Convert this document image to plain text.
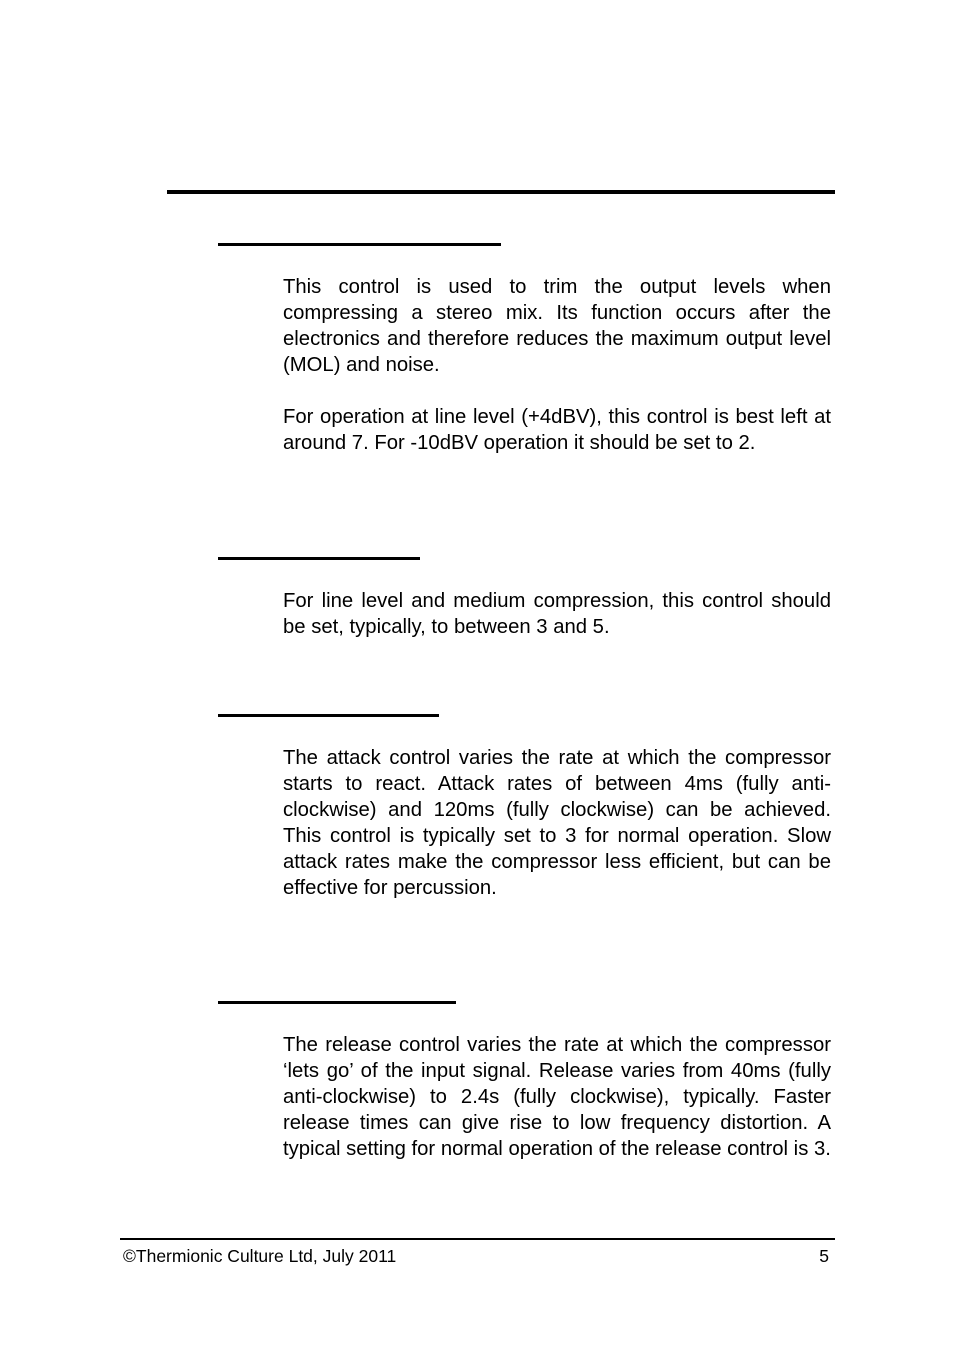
This control is used to trim the output levels when compressing a stereo mix. Its function occurs after the electronics and therefore reduces the maximum output level (MOL) and noise.

For operation at line level (+4dBV), this control is best left at around 7. For -10dBV operation it should be set to 2.

For line level and medium compression, this control should be set, typically, to between 3 and 5.

The attack control varies the rate at which the compressor starts to react. Attack rates of between 4ms (fully anti-clockwise) and 120ms (fully clockwise) can be achieved. This control is typically set to 3 for normal operation. Slow attack rates make the compressor less efficient, but can be effective for percussion.

The release control varies the rate at which the compressor ‘lets go’ of the input signal. Release varies from 40ms (fully anti-clockwise) to 2.4s (fully clockwise), typically. Faster release times can give rise to low frequency distortion. A typical setting for normal operation of the release control is 3.

©Thermionic Culture Ltd, July 2011	5
